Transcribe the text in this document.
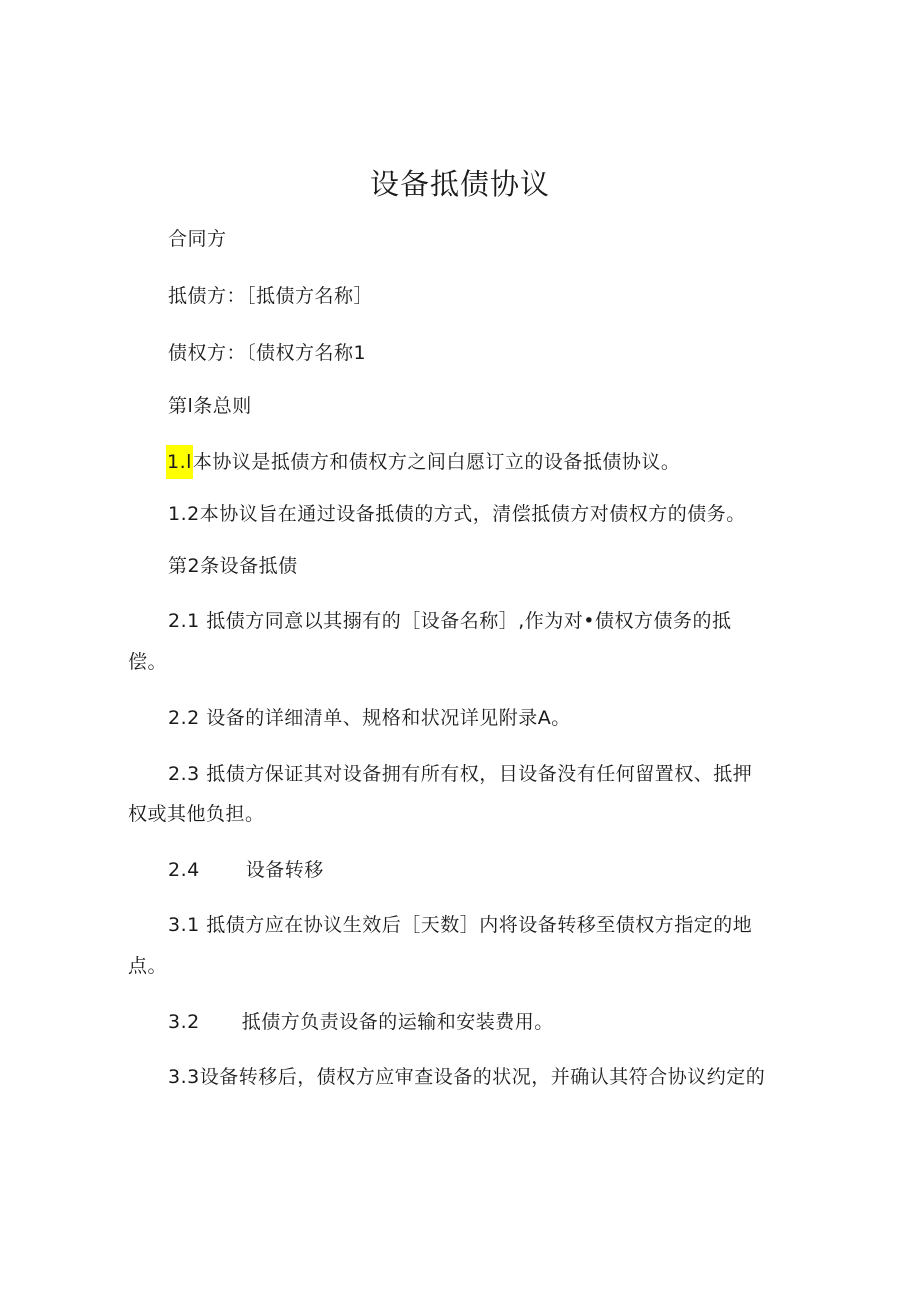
设备抵债协议

合同方

抵债方：［抵债方名称］

债权方：〔债权方名称1

第l条总则

1.l本协议是抵债方和债权方之间白愿订立的设备抵债协议。

1.2本协议旨在通过设备抵债的方式，清偿抵债方对债权方的债务。

第2条设备抵债

2.1 抵债方同意以其搦有的［设备名称］,作为对•债权方债务的抵

偿。

2.2 设备的详细清单、规格和状况详见附录A。

2.3 抵债方保证其对设备拥有所有权，目设备没有任何留置权、抵押

权或其他负担。

2.4 设备转移

3.1 抵债方应在协议生效后［天数］内将设备转移至债权方指定的地

点。

3.2 抵债方负责设备的运输和安装费用。

3.3设备转移后，债权方应审查设备的状况，并确认其符合协议约定的
